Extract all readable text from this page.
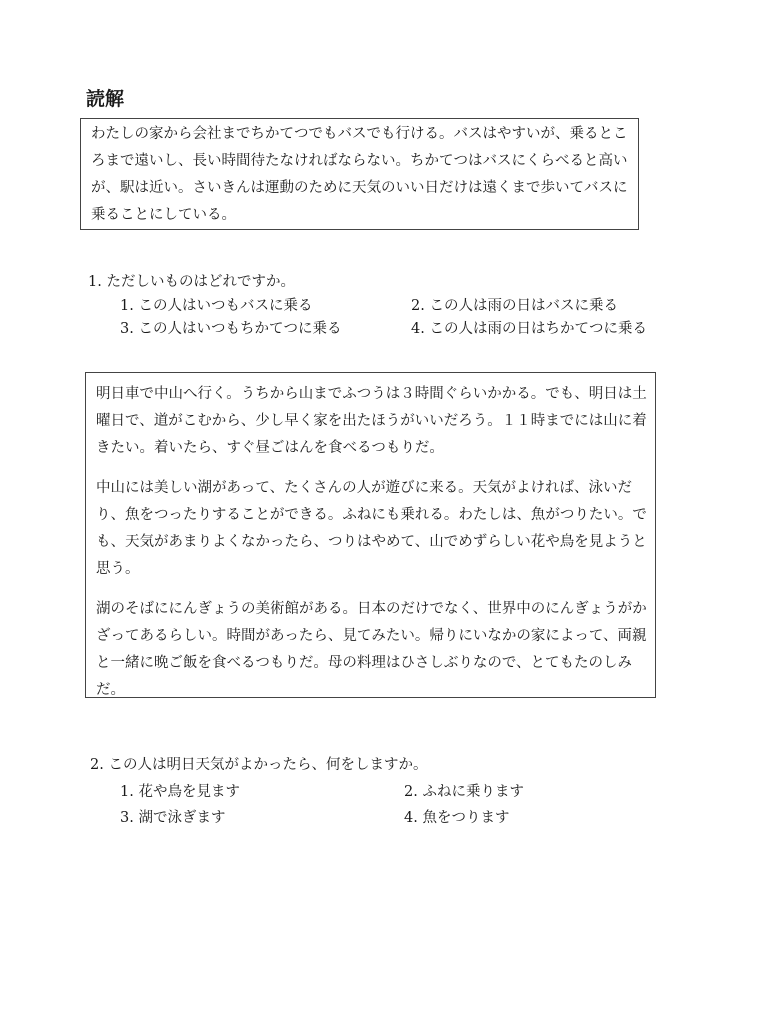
読解

わたしの家から会社までちかてつでもバスでも行ける。バスはやすいが、乗るところまで遠いし、長い時間待たなければならない。ちかてつはバスにくらべると高いが、駅は近い。さいきんは運動のために天気のいい日だけは遠くまで歩いてバスに乗ることにしている。

1. ただしいものはどれですか。
1. この人はいつもバスに乗る	2. この人は雨の日はバスに乗る
3. この人はいつもちかてつに乗る	4. この人は雨の日はちかてつに乗る

明日車で中山へ行く。うちから山までふつうは３時間ぐらいかかる。でも、明日は土曜日で、道がこむから、少し早く家を出たほうがいいだろう。１１時までには山に着きたい。着いたら、すぐ昼ごはんを食べるつもりだ。

中山には美しい湖があって、たくさんの人が遊びに来る。天気がよければ、泳いだり、魚をつったりすることができる。ふねにも乗れる。わたしは、魚がつりたい。でも、天気があまりよくなかったら、つりはやめて、山でめずらしい花や鳥を見ようと思う。

湖のそばににんぎょうの美術館がある。日本のだけでなく、世界中のにんぎょうがかざってあるらしい。時間があったら、見てみたい。帰りにいなかの家によって、両親と一緒に晩ご飯を食べるつもりだ。母の料理はひさしぶりなので、とてもたのしみだ。

2. この人は明日天気がよかったら、何をしますか。
1. 花や鳥を見ます	2. ふねに乗ります
3. 湖で泳ぎます	4. 魚をつります
